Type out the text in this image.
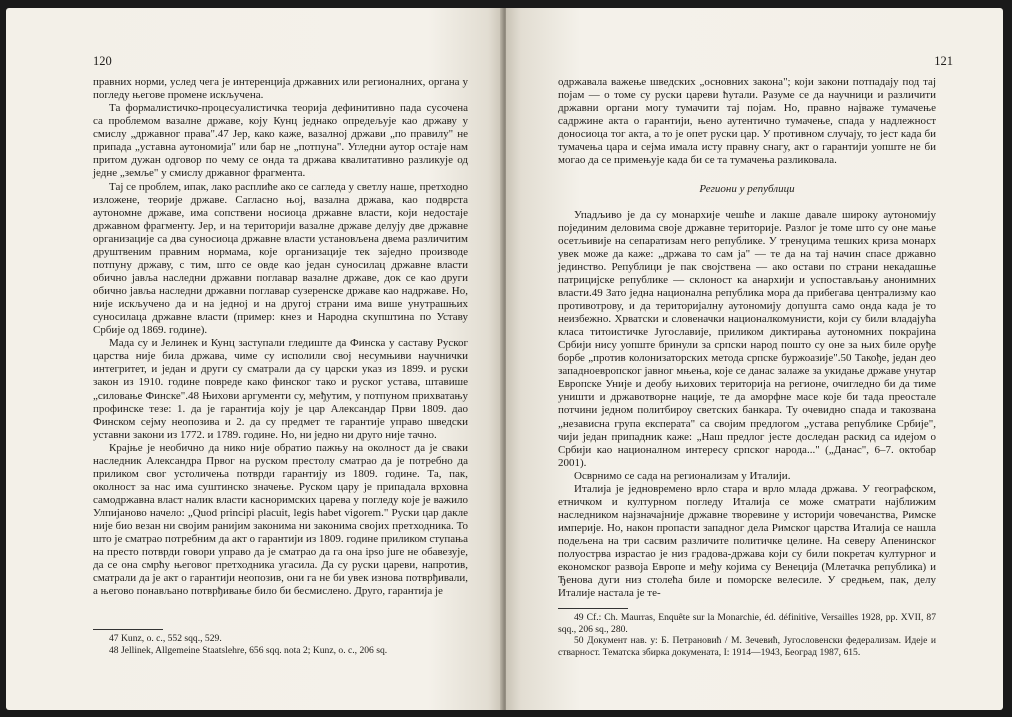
120

правних норми, услед чега је интеренција државних или регионалних, органа у погледу његове промене искључена.

Та формалистичко-процесуалистичка теорија дефинитивно пада сусочена са проблемом вазалне државе, коју Кунц једнако опредељује као државу у смислу „државног права".47 Јер, како каже, вазалној држави „по правилу" не припада „уставна аутономија" или бар не „потпуна". Угледни аутор остаје нам притом дужан одговор по чему се онда та држава квалитативно разликује од једне „земље" у смислу државног фрагмента.

Тај се проблем, ипак, лако расплиће ако се сагледа у светлу наше, претходно изложене, теорије државе. Сагласно њој, вазална држава, као подврста аутономне државе, има сопствени носиоца државне власти, који недостаје државном фрагменту. Јер, и на територији вазалне државе делују две државне организације са два суносиоца државне власти установљена двема различитим друштвеним правним нормама, које организације тек заједно производе потпуну државу, с тим, што се овде као један суносилац државне власти обично јавља наследни државни поглавар вазалне државе, док се као други обично јавља наследни државни поглавар сузеренске државе као надржаве. Но, није искључено да и на једној и на другој страни има више унутрашњих суносилаца државне власти (пример: кнез и Народна скупштина по Уставу Србије од 1869. године).

Мада су и Јелинек и Кунц заступали гледиште да Финска у саставу Руског царства није била држава, чиме су исполили свој несумњиви научнички интегритет, и један и други су сматрали да су царски указ из 1899. и руски закон из 1910. године повреде како финског тако и руског устава, штавише „силовање Финске".48 Њихови аргументи су, међутим, у потпуном прихватању профинске тезе: 1. да је гарантија коју је цар Александар Први 1809. дао Финском сејму неопозива и 2. да су предмет те гарантије управо шведски уставни закони из 1772. и 1789. године. Но, ни једно ни друго није тачно.

Крајње је необично да нико није обратио пажњу на околност да је сваки наследник Александра Првог на руском престолу сматрао да је потребно да приликом свог устоличења потврди гарантију из 1809. године. Та, пак, околност за нас има суштинско значење. Руском цару је припадала врховна самодржавна власт налик власти касноримских царева у погледу које је важило Улпијаново начело: „Quod principi placuit, legis habet vigorem." Руски цар дакле није био везан ни својим ранијим законима ни законима својих претходника. То што је сматрао потребним да акт о гарантији из 1809. године приликом ступања на престо потврди говори управо да је сматрао да га она ipso jure не обавезује, да се она смрћу његовог претходника угасила. Да су руски цареви, напротив, сматрали да је акт о гарантији неопозив, они га не би увек изнова потврђивали, а његово понављано потврђивање било би бесмислено. Друго, гарантија је

47 Kunz, o. c., 552 sqq., 529.

48 Jellinek, Allgemeine Staatslehre, 656 sqq. nota 2; Kunz, o. c., 206 sq.

121

одржавала важење шведских „основних закона"; који закони потпадају под тај појам — о томе су руски цареви ћутали. Разуме се да научници и различити државни органи могу тумачити тај појам. Но, правно најваже тумачење садржине акта о гарантији, њено аутентично тумачење, спада у надлежност доносиоца тог акта, а то је опет руски цар. У противном случају, то јест када би тумачења цара и сејма имала исту правну снагу, акт о гарантији уопште не би могао да се примењује када би се та тумачења разликовала.

Региони у републици

Упадљиво је да су монархије чешће и лакше давале широку аутономију појединим деловима своје државне територије. Разлог је томе што су оне мање осетљивије на сепаратизам него републике. У тренуцима тешких криза монарх увек може да каже: „држава то сам ја" — те да на тај начин спасе државно јединство. Републици је пак својствена — ако остави по страни некадашње патрицијске републике — склоност ка анархији и успостављању анонимних власти.49 Зато једна национална република мора да прибегава централизму као противотрову, и да територијалну аутономију допушта само онда када је то неизбежно. Хрватски и словеначки националкомунисти, који су били владајућа класа титоистичке Југославије, приликом диктирања аутономних покрајина Србији нису уопште бринули за српски народ пошто су оне за њих биле оруђе борбе „против колонизаторских метода српске буржоазије".50 Такође, један део западноевропског јавног мњења, које се данас залаже за укидање државе унутар Европске Уније и деобу њихових територија на регионе, очигледно би да тиме уништи и државотворне нације, те да аморфне масе које би тада преостале потчини једном политбироу светских банкара. Ту очевидно спада и такозвана „независна група експерата" са својим предлогом „устава републике Србије", чији један припадник каже: „Наш предлог јесте доследан раскид са идејом о Србији као националном интересу српског народа..." („Данас", 6–7. октобар 2001).

Осврнимо се сада на регионализам у Италији.

Италија је једновремено врло стара и врло млада држава. У географском, етничком и културном погледу Италија се може сматрати најближим наследником најзначајније државне творевине у историји човечанства, Римске империје. Но, након пропасти западног дела Римског царства Италија се нашла подељена на три сасвим различите политичке целине. На северу Апенинског полуострва израстао је низ градова-држава који су били покретач културног и економског развоја Европе и међу којима су Венеција (Млетачка република) и Ђенова дуги низ столећа биле и поморске велесиле. У средњем, пак, делу Италије настала је те-

49 Cf.: Ch. Maurras, Enquête sur la Monarchie, éd. définitive, Versailles 1928, pp. XVII, 87 sqq., 206 sq., 280.

50 Документ нав. у: Б. Петрановић / М. Зечевић, Југословенски федерализам. Идеје и стварност. Тематска збирка докумената, I: 1914—1943, Београд 1987, 615.
